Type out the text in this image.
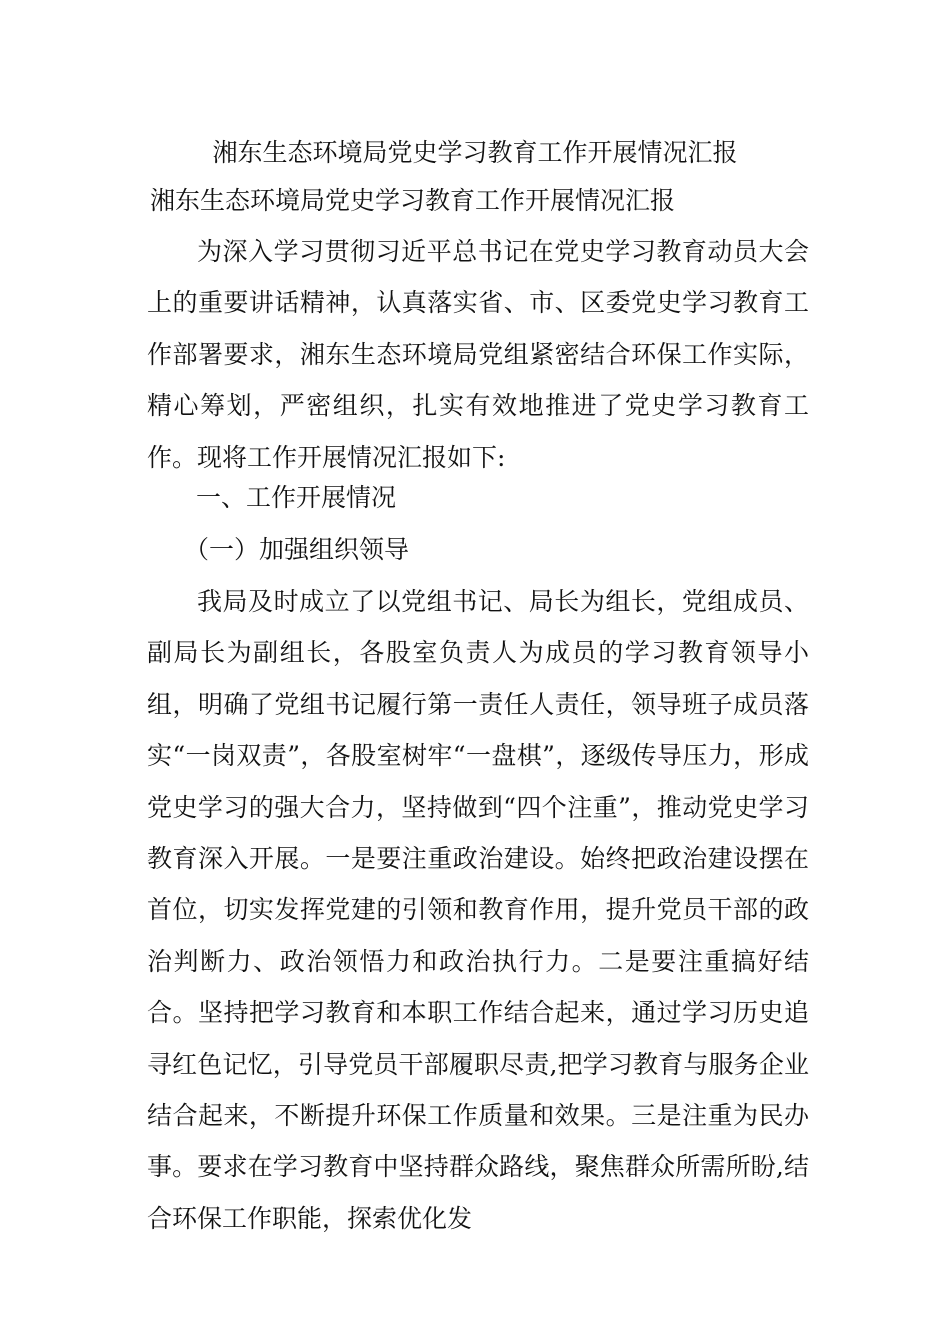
湘东生态环境局党史学习教育工作开展情况汇报
湘东生态环境局党史学习教育工作开展情况汇报

为深入学习贯彻习近平总书记在党史学习教育动员大会上的重要讲话精神，认真落实省、市、区委党史学习教育工作部署要求，湘东生态环境局党组紧密结合环保工作实际，精心筹划，严密组织，扎实有效地推进了党史学习教育工作。现将工作开展情况汇报如下:

一、工作开展情况
（一）加强组织领导

我局及时成立了以党组书记、局长为组长，党组成员、副局长为副组长，各股室负责人为成员的学习教育领导小组，明确了党组书记履行第一责任人责任，领导班子成员落实“一岗双责”，各股室树牢“一盘棋”，逐级传导压力，形成党史学习的强大合力，坚持做到“四个注重”，推动党史学习教育深入开展。一是要注重政治建设。始终把政治建设摆在首位，切实发挥党建的引领和教育作用，提升党员干部的政治判断力、政治领悟力和政治执行力。二是要注重搞好结合。坚持把学习教育和本职工作结合起来，通过学习历史追寻红色记忆，引导党员干部履职尽责,把学习教育与服务企业结合起来，不断提升环保工作质量和效果。三是注重为民办事。要求在学习教育中坚持群众路线，聚焦群众所需所盼,结合环保工作职能，探索优化发
